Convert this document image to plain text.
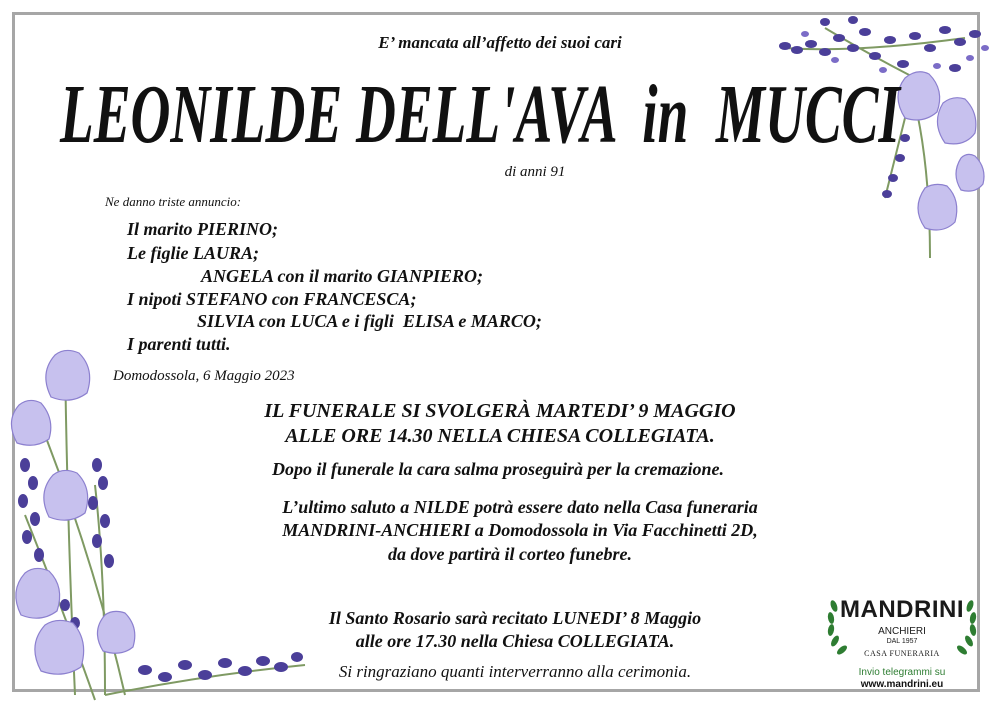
E’ mancata all’affetto dei suoi cari
LEONILDE DELL'AVA  in  MUCCI
di anni 91
Ne danno triste annuncio:
Il marito PIERINO;
Le figlie LAURA;
ANGELA con il marito GIANPIERO;
I nipoti STEFANO con FRANCESCA;
SILVIA con LUCA e i figli  ELISA e MARCO;
I parenti tutti.
Domodossola, 6 Maggio 2023
IL FUNERALE SI SVOLGERÀ MARTEDI’ 9 MAGGIO
ALLE ORE 14.30 NELLA CHIESA COLLEGIATA.
Dopo il funerale la cara salma proseguirà per la cremazione.
L’ultimo saluto a NILDE potrà essere dato nella Casa funeraria
MANDRINI-ANCHIERI a Domodossola in Via Facchinetti 2D,
da dove partirà il corteo funebre.
Il Santo Rosario sarà recitato LUNEDI’ 8 Maggio
alle ore 17.30 nella Chiesa COLLEGIATA.
Si ringraziano quanti interverranno alla cerimonia.
MANDRINI
ANCHIERI
DAL 1957
CASA FUNERARIA
Invio telegrammi su
www.mandrini.eu
